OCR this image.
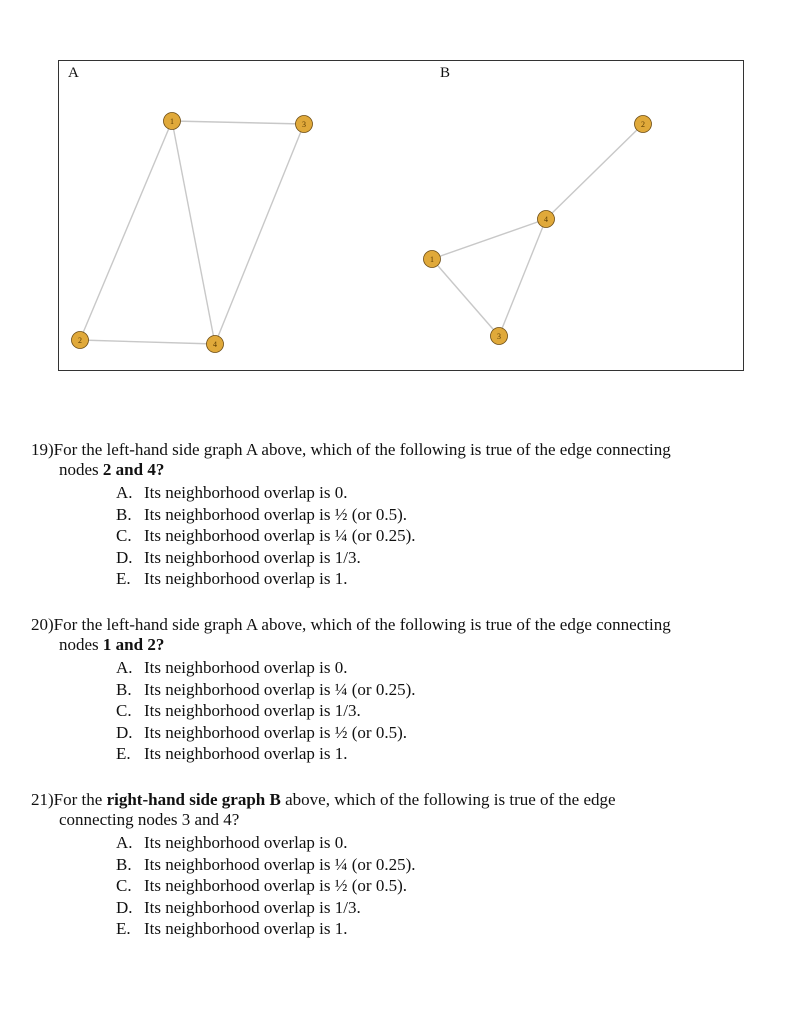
A	B
1
2
3
4
1
2
3
4
19)For the left-hand side graph A above, which of the following is true of the edge connecting
nodes 2 and 4?
A. Its neighborhood overlap is 0.
B. Its neighborhood overlap is ½ (or 0.5).
C. Its neighborhood overlap is ¼ (or 0.25).
D. Its neighborhood overlap is 1/3.
E. Its neighborhood overlap is 1.
20)For the left-hand side graph A above, which of the following is true of the edge connecting
nodes 1 and 2?
A. Its neighborhood overlap is 0.
B. Its neighborhood overlap is ¼ (or 0.25).
C. Its neighborhood overlap is 1/3.
D. Its neighborhood overlap is ½ (or 0.5).
E. Its neighborhood overlap is 1.
21)For the right-hand side graph B above, which of the following is true of the edge
connecting nodes 3 and 4?
A. Its neighborhood overlap is 0.
B. Its neighborhood overlap is ¼ (or 0.25).
C. Its neighborhood overlap is ½ (or 0.5).
D. Its neighborhood overlap is 1/3.
E. Its neighborhood overlap is 1.
